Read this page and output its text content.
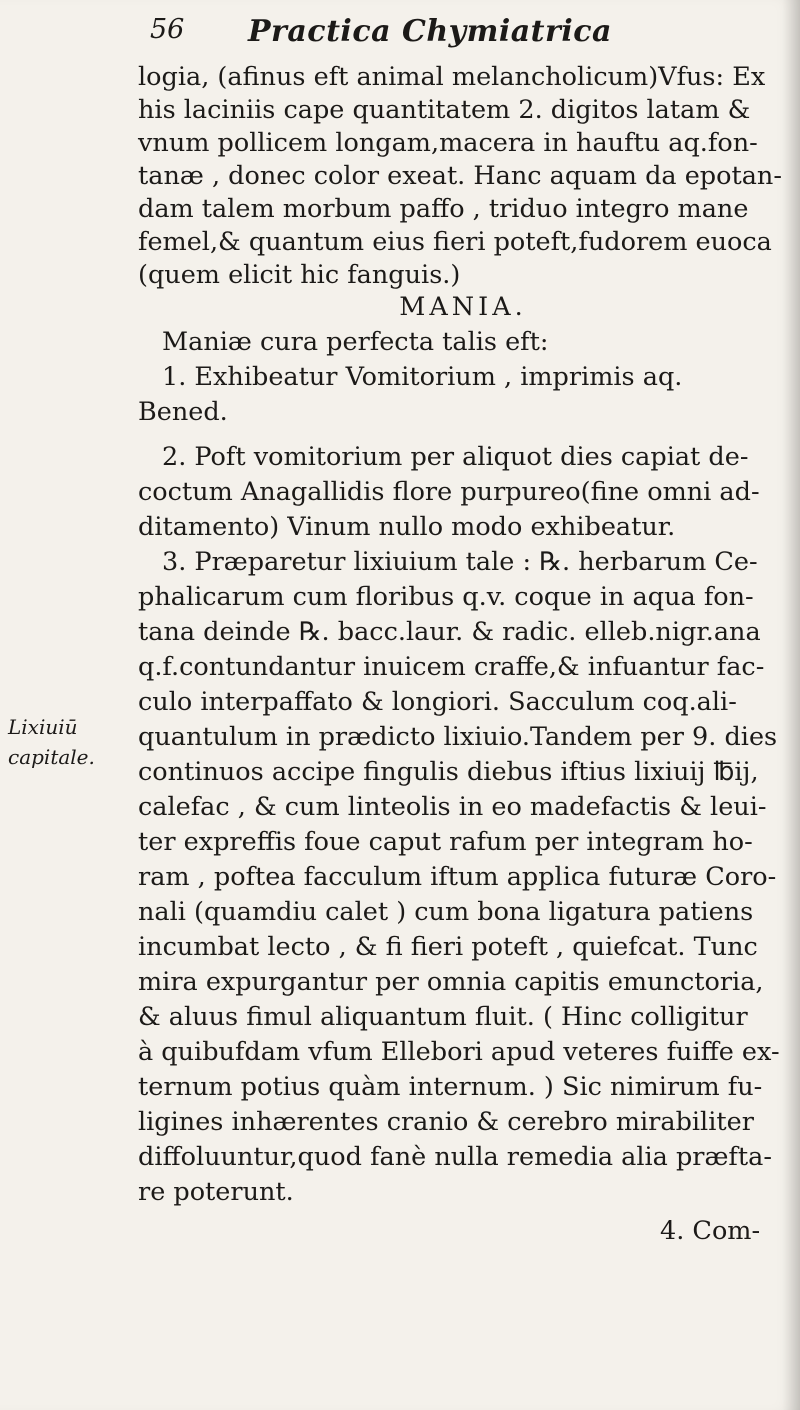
56 Practica Chymiatrica
Lixiuiū
capitale.
logia, (afinus eft animal melancholicum)Vfus: Ex
his laciniis cape quantitatem 2. digitos latam &
vnum pollicem longam,macera in hauftu aq.fon-
tanæ , donec color exeat. Hanc aquam da epotan-
dam talem morbum paffo , triduo integro mane
femel,& quantum eius fieri poteft,fudorem euoca
(quem elicit hic fanguis.)
MANIA.
Maniæ cura perfecta talis eft:
1. Exhibeatur Vomitorium , imprimis aq.
Bened.
2. Poft vomitorium per aliquot dies capiat de-
coctum Anagallidis flore purpureo(fine omni ad-
ditamento) Vinum nullo modo exhibeatur.
3. Præparetur lixiuium tale : ℞. herbarum Ce-
phalicarum cum floribus q.v. coque in aqua fon-
tana deinde ℞. bacc.laur. & radic. elleb.nigr.ana
q.f.contundantur inuicem craffe,& infuantur fac-
culo interpaffato & longiori. Sacculum coq.ali-
quantulum in prædicto lixiuio.Tandem per 9. dies
continuos accipe fingulis diebus iftius lixiuij ℔ij,
calefac , & cum linteolis in eo madefactis & leui-
ter expreffis foue caput rafum per integram ho-
ram , poftea facculum iftum applica futuræ Coro-
nali (quamdiu calet ) cum bona ligatura patiens
incumbat lecto , & fi fieri poteft , quiefcat. Tunc
mira expurgantur per omnia capitis emunctoria,
& aluus fimul aliquantum fluit. ( Hinc colligitur
à quibufdam vfum Ellebori apud veteres fuiffe ex-
ternum potius quàm internum. ) Sic nimirum fu-
ligines inhærentes cranio & cerebro mirabiliter
diffoluuntur,quod fanè nulla remedia alia præfta-
re poterunt.
4. Com-
